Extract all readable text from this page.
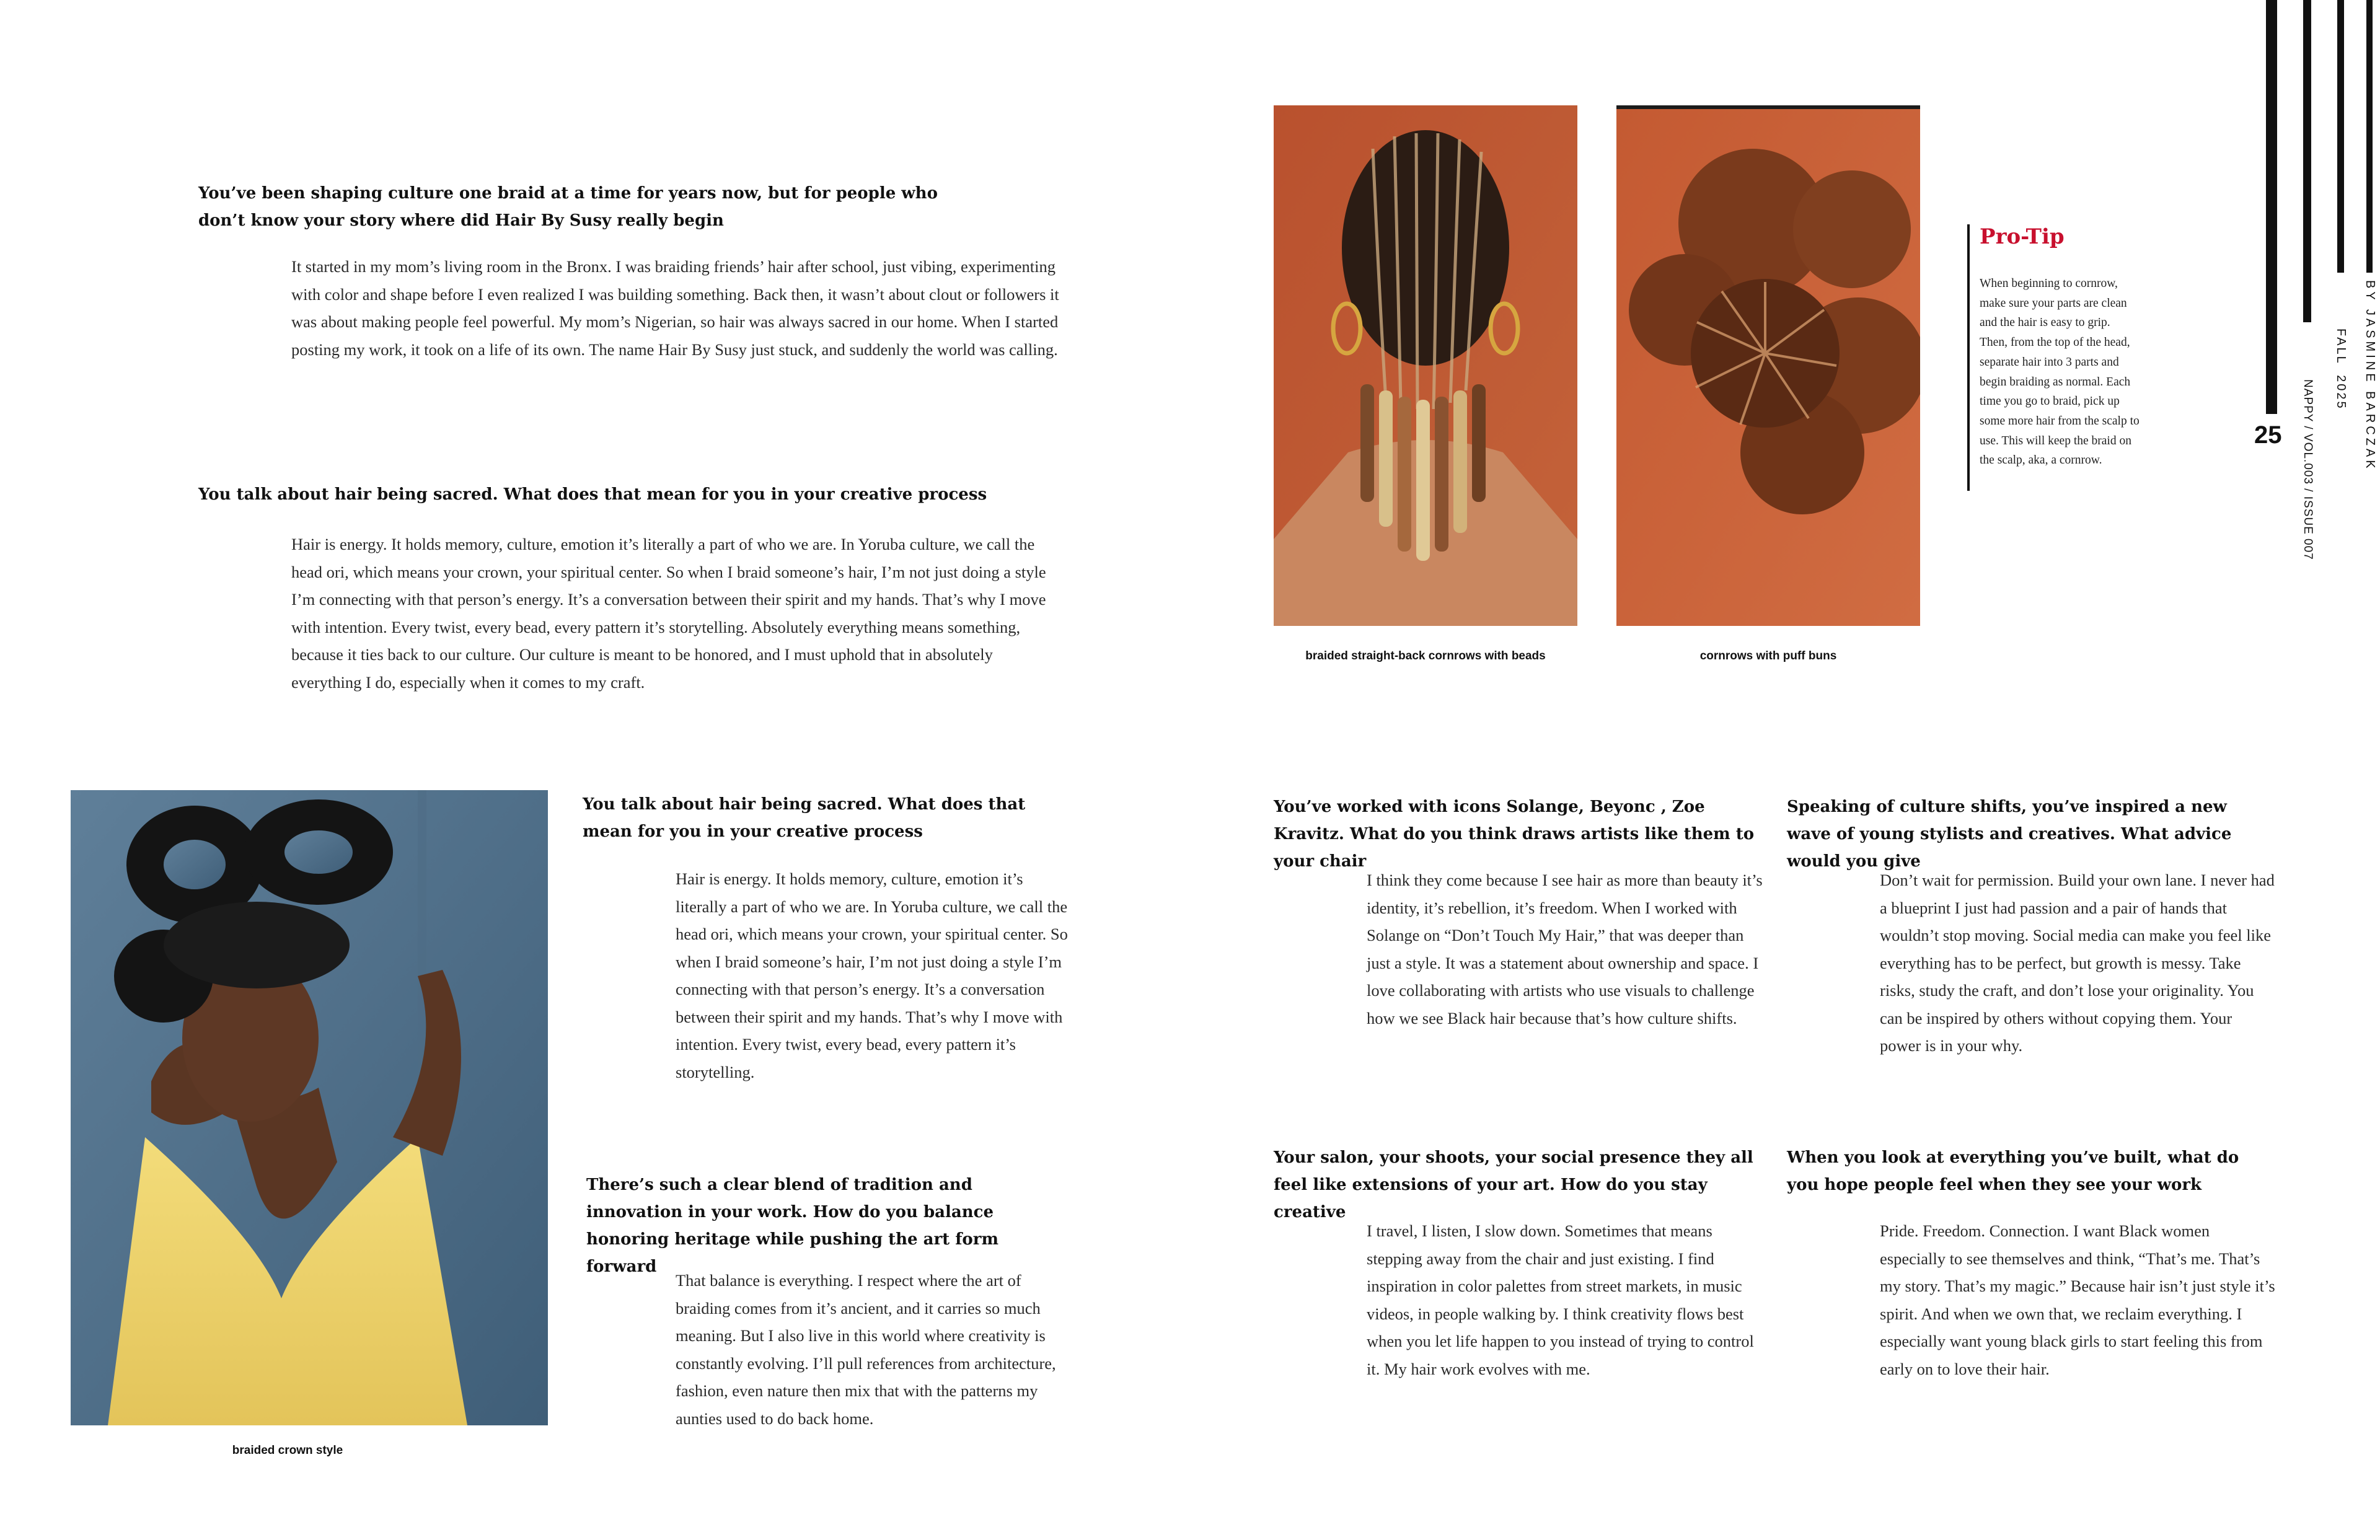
You’ve been shaping culture one braid at a time for years now, but for people who don’t know your story where did Hair By Susy really begin

It started in my mom’s living room in the Bronx. I was braiding friends’ hair after school, just vibing, experimenting with color and shape before I even realized I was building something. Back then, it wasn’t about clout or followers it was about making people feel powerful. My mom’s Nigerian, so hair was always sacred in our home. When I started posting my work, it took on a life of its own. The name Hair By Susy just stuck, and suddenly the world was calling.

You talk about hair being sacred. What does that mean for you in your creative process

Hair is energy. It holds memory, culture, emotion it’s literally a part of who we are. In Yoruba culture, we call the head ori, which means your crown, your spiritual center. So when I braid someone’s hair, I’m not just doing a style I’m connecting with that person’s energy. It’s a conversation between their spirit and my hands. That’s why I move with intention. Every twist, every bead, every pattern it’s storytelling. Absolutely everything means something, because it ties back to our culture. Our culture is meant to be honored, and I must uphold that in absolutely everything I do, especially when it comes to my craft.

braided crown style

You talk about hair being sacred. What does that mean for you in your creative process

Hair is energy. It holds memory, culture, emotion it’s literally a part of who we are. In Yoruba culture, we call the head ori, which means your crown, your spiritual center. So when I braid someone’s hair, I’m not just doing a style I’m connecting with that person’s energy. It’s a conversation between their spirit and my hands. That’s why I move with intention. Every twist, every bead, every pattern it’s storytelling.

There’s such a clear blend of tradition and innovation in your work. How do you balance honoring heritage while pushing the art form forward

That balance is everything. I respect where the art of braiding comes from it’s ancient, and it carries so much meaning. But I also live in this world where creativity is constantly evolving. I’ll pull references from architecture, fashion, even nature then mix that with the patterns my aunties used to do back home.

braided straight-back cornrows with beads	cornrows with puff buns
Pro-Tip
When beginning to cornrow, make sure your parts are clean and the hair is easy to grip. Then, from the top of the head, separate hair into 3 parts and begin braiding as normal. Each time you go to braid, pick up some more hair from the scalp to use. This will keep the braid on the scalp, aka, a cornrow.

You’ve worked with icons Solange, Beyonc , Zoe Kravitz. What do you think draws artists like them to your chair

I think they come because I see hair as more than beauty it’s identity, it’s rebellion, it’s freedom. When I worked with Solange on “Don’t Touch My Hair,” that was deeper than just a style. It was a statement about ownership and space. I love collaborating with artists who use visuals to challenge how we see Black hair because that’s how culture shifts.

Speaking of culture shifts, you’ve inspired a new wave of young stylists and creatives. What advice would you give

Don’t wait for permission. Build your own lane. I never had a blueprint I just had passion and a pair of hands that wouldn’t stop moving. Social media can make you feel like everything has to be perfect, but growth is messy. Take risks, study the craft, and don’t lose your originality. You can be inspired by others without copying them. Your power is in your why.

Your salon, your shoots, your social presence they all feel like extensions of your art. How do you stay creative

I travel, I listen, I slow down. Sometimes that means stepping away from the chair and just existing. I find inspiration in color palettes from street markets, in music videos, in people walking by. I think creativity flows best when you let life happen to you instead of trying to control it. My hair work evolves with me.

When you look at everything you’ve built, what do you hope people feel when they see your work

Pride. Freedom. Connection. I want Black women especially to see themselves and think, “That’s me. That’s my story. That’s my magic.” Because hair isn’t just style it’s spirit. And when we own that, we reclaim everything. I especially want young black girls to start feeling this from early on to love their hair.

25 NAPPY / VOL.003 / ISSUE 007
FALL  2025 BY JASMINE BARCZAK
